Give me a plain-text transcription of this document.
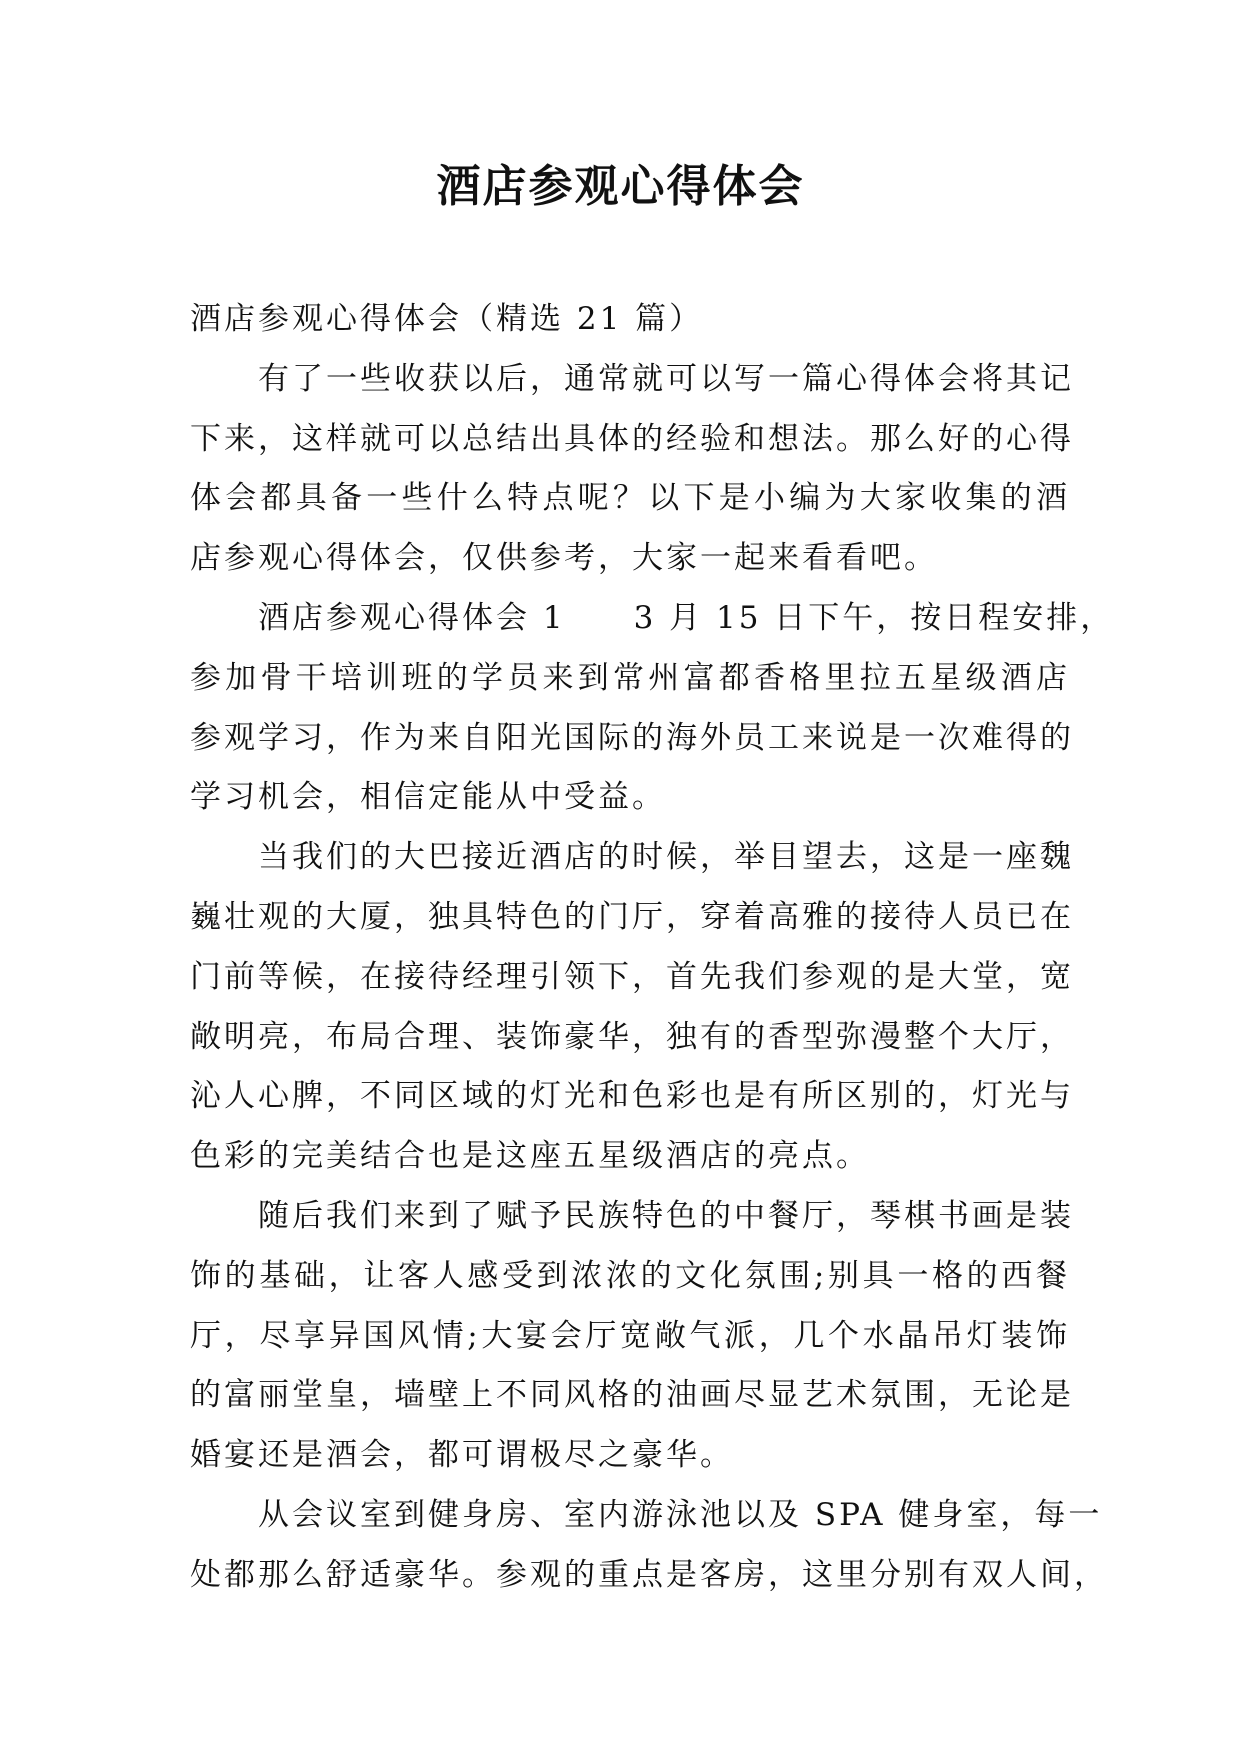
酒店参观心得体会
酒店参观心得体会（精选 21 篇）
有了一些收获以后，通常就可以写一篇心得体会将其记
下来，这样就可以总结出具体的经验和想法。那么好的心得
体会都具备一些什么特点呢？以下是小编为大家收集的酒
店参观心得体会，仅供参考，大家一起来看看吧。
酒店参观心得体会 1　　3 月 15 日下午，按日程安排，
参加骨干培训班的学员来到常州富都香格里拉五星级酒店
参观学习，作为来自阳光国际的海外员工来说是一次难得的
学习机会，相信定能从中受益。
当我们的大巴接近酒店的时候，举目望去，这是一座魏
巍壮观的大厦，独具特色的门厅，穿着高雅的接待人员已在
门前等候，在接待经理引领下，首先我们参观的是大堂，宽
敞明亮，布局合理、装饰豪华，独有的香型弥漫整个大厅，
沁人心脾，不同区域的灯光和色彩也是有所区别的，灯光与
色彩的完美结合也是这座五星级酒店的亮点。
随后我们来到了赋予民族特色的中餐厅，琴棋书画是装
饰的基础，让客人感受到浓浓的文化氛围;别具一格的西餐
厅，尽享异国风情;大宴会厅宽敞气派，几个水晶吊灯装饰
的富丽堂皇，墙壁上不同风格的油画尽显艺术氛围，无论是
婚宴还是酒会，都可谓极尽之豪华。
从会议室到健身房、室内游泳池以及 SPA 健身室，每一
处都那么舒适豪华。参观的重点是客房，这里分别有双人间，
